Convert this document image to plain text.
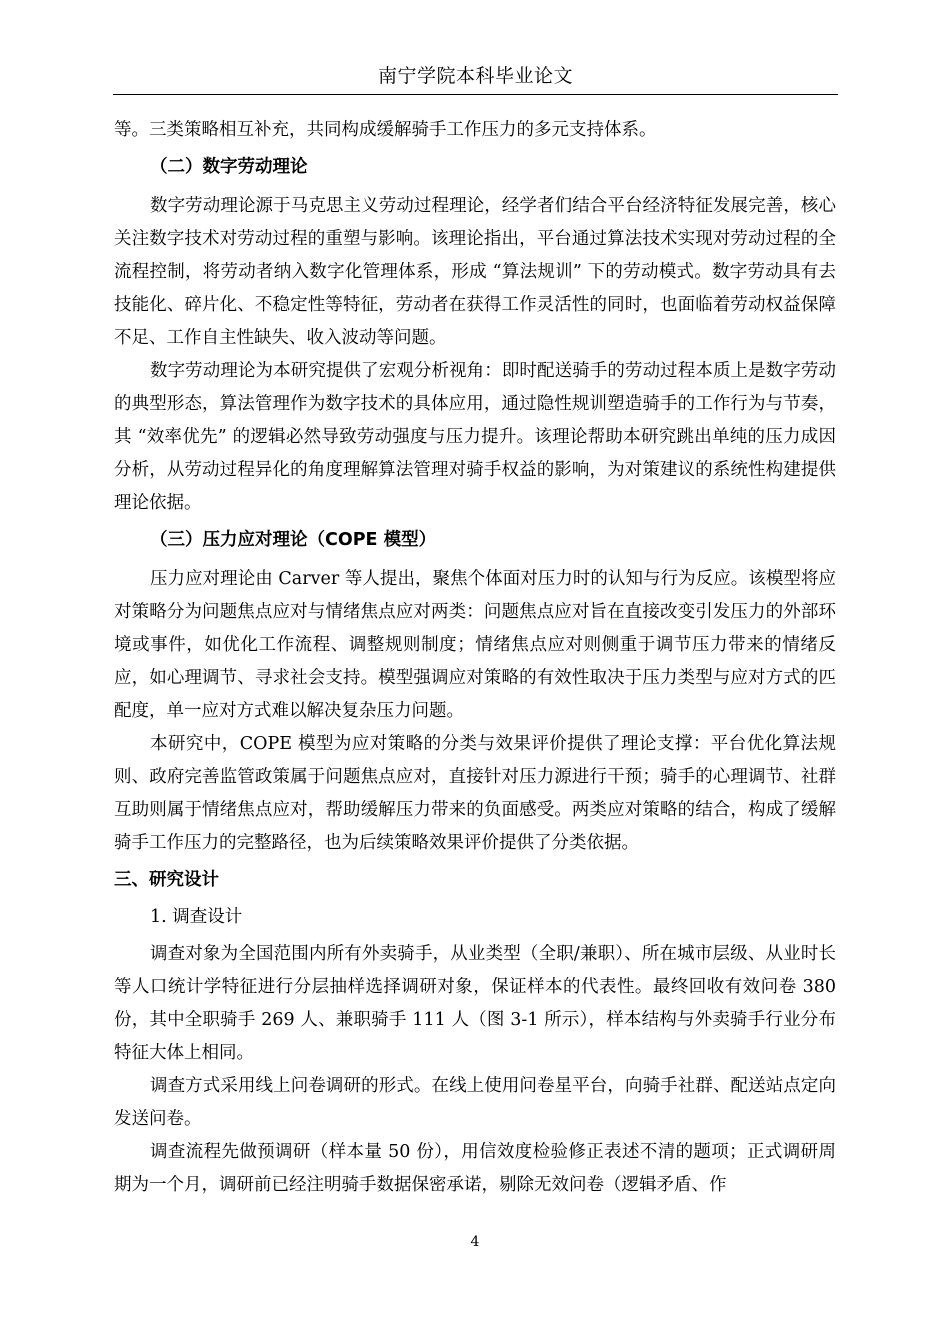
南宁学院本科毕业论文

等。三类策略相互补充，共同构成缓解骑手工作压力的多元支持体系。

（二）数字劳动理论

数字劳动理论源于马克思主义劳动过程理论，经学者们结合平台经济特征发展完善，核心关注数字技术对劳动过程的重塑与影响。该理论指出，平台通过算法技术实现对劳动过程的全流程控制，将劳动者纳入数字化管理体系，形成 “算法规训” 下的劳动模式。数字劳动具有去技能化、碎片化、不稳定性等特征，劳动者在获得工作灵活性的同时，也面临着劳动权益保障不足、工作自主性缺失、收入波动等问题。

数字劳动理论为本研究提供了宏观分析视角：即时配送骑手的劳动过程本质上是数字劳动的典型形态，算法管理作为数字技术的具体应用，通过隐性规训塑造骑手的工作行为与节奏，其 “效率优先” 的逻辑必然导致劳动强度与压力提升。该理论帮助本研究跳出单纯的压力成因分析，从劳动过程异化的角度理解算法管理对骑手权益的影响，为对策建议的系统性构建提供理论依据。

（三）压力应对理论（COPE 模型）

压力应对理论由 Carver 等人提出，聚焦个体面对压力时的认知与行为反应。该模型将应对策略分为问题焦点应对与情绪焦点应对两类：问题焦点应对旨在直接改变引发压力的外部环境或事件，如优化工作流程、调整规则制度；情绪焦点应对则侧重于调节压力带来的情绪反应，如心理调节、寻求社会支持。模型强调应对策略的有效性取决于压力类型与应对方式的匹配度，单一应对方式难以解决复杂压力问题。

本研究中，COPE 模型为应对策略的分类与效果评价提供了理论支撑：平台优化算法规则、政府完善监管政策属于问题焦点应对，直接针对压力源进行干预；骑手的心理调节、社群互助则属于情绪焦点应对，帮助缓解压力带来的负面感受。两类应对策略的结合，构成了缓解骑手工作压力的完整路径，也为后续策略效果评价提供了分类依据。

三、研究设计

1. 调查设计

调查对象为全国范围内所有外卖骑手，从业类型（全职/兼职）、所在城市层级、从业时长等人口统计学特征进行分层抽样选择调研对象，保证样本的代表性。最终回收有效问卷 380 份，其中全职骑手 269 人、兼职骑手 111 人（图 3-1 所示），样本结构与外卖骑手行业分布特征大体上相同。

调查方式采用线上问卷调研的形式。在线上使用问卷星平台，向骑手社群、配送站点定向发送问卷。

调查流程先做预调研（样本量 50 份），用信效度检验修正表述不清的题项；正式调研周期为一个月，调研前已经注明骑手数据保密承诺，剔除无效问卷（逻辑矛盾、作

4
